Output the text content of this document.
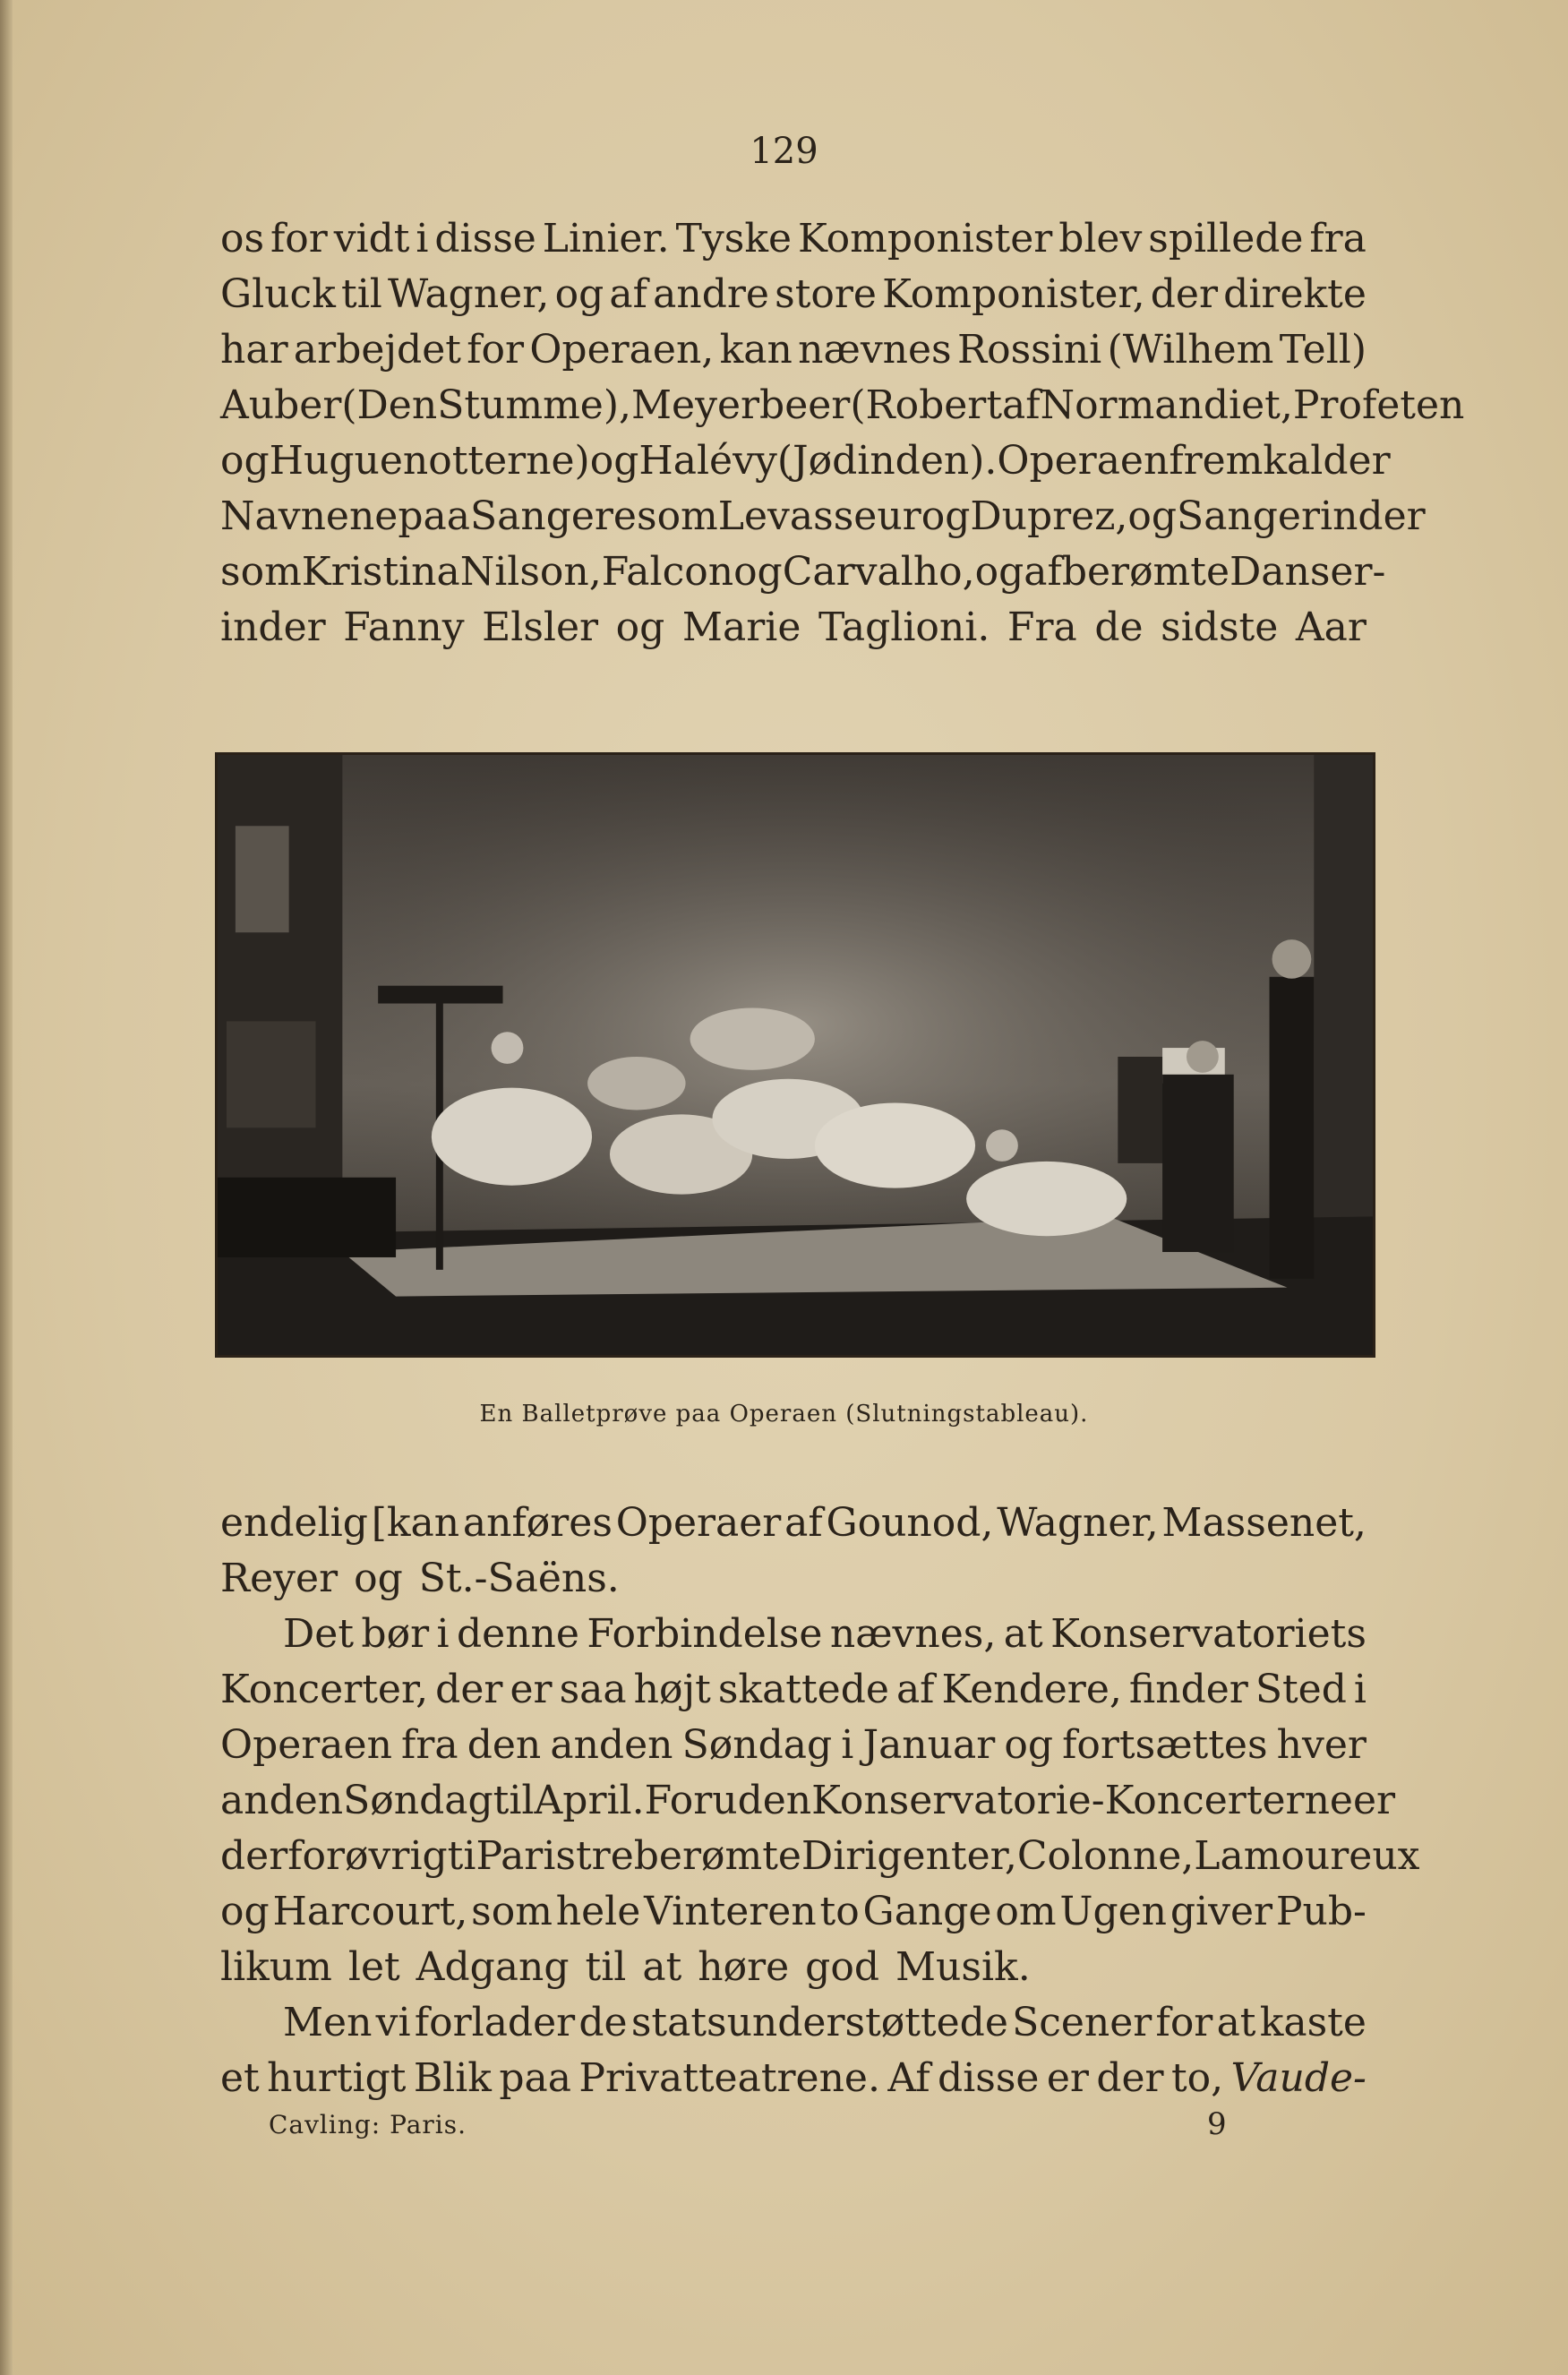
129
os for vidt i disse Linier. Tyske Komponister blev spillede fra
Gluck til Wagner, og af andre store Komponister, der direkte
har arbejdet for Operaen, kan nævnes Rossini (Wilhem Tell)
Auber (Den Stumme), Meyerbeer (Robert af Normandiet, Profeten
og Huguenotterne) og Halévy (Jødinden). Operaen fremkalder
Navnene paa Sangere som Levasseur og Duprez, og Sangerinder
som Kristina Nilson, Falcon og Carvalho, og af berømte Danser-
inder Fanny Elsler og Marie Taglioni. Fra de sidste Aar
En Balletprøve paa Operaen (Slutningstableau).
endelig [kan anføres Operaer af Gounod, Wagner, Massenet,
Reyer og St.-Saëns.
Det bør i denne Forbindelse nævnes, at Konservatoriets
Koncerter, der er saa højt skattede af Kendere, finder Sted i
Operaen fra den anden Søndag i Januar og fortsættes hver
anden Søndag til April. Foruden Konservatorie-Koncerterne er
der forøvrigt i Paris tre berømte Dirigenter, Colonne, Lamoureux
og Harcourt, som hele Vinteren to Gange om Ugen giver Pub-
likum let Adgang til at høre god Musik.
Men vi forlader de statsunderstøttede Scener for at kaste
et hurtigt Blik paa Privatteatrene. Af disse er der to, Vaude-
Cavling: Paris.	9
